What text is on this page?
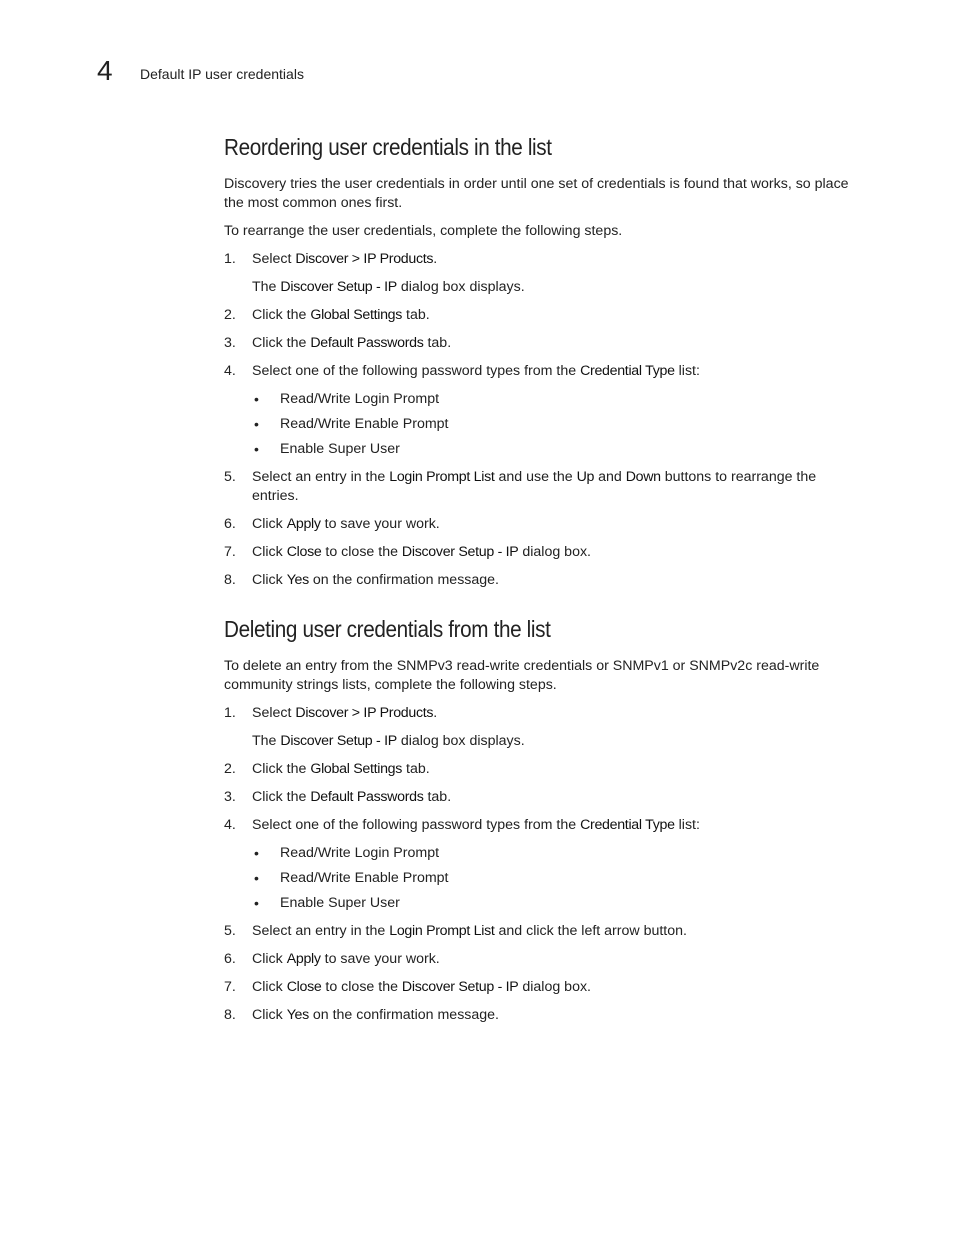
4 Default IP user credentials
Reordering user credentials in the list

Discovery tries the user credentials in order until one set of credentials is found that works, so place the most common ones first.

To rearrange the user credentials, complete the following steps.

1. Select Discover > IP Products.
The Discover Setup - IP dialog box displays.
2. Click the Global Settings tab.
3. Click the Default Passwords tab.
4. Select one of the following password types from the Credential Type list:
• Read/Write Login Prompt
• Read/Write Enable Prompt
• Enable Super User
5. Select an entry in the Login Prompt List and use the Up and Down buttons to rearrange the entries.
6. Click Apply to save your work.
7. Click Close to close the Discover Setup - IP dialog box.
8. Click Yes on the confirmation message.
Deleting user credentials from the list

To delete an entry from the SNMPv3 read-write credentials or SNMPv1 or SNMPv2c read-write community strings lists, complete the following steps.

1. Select Discover > IP Products.
The Discover Setup - IP dialog box displays.
2. Click the Global Settings tab.
3. Click the Default Passwords tab.
4. Select one of the following password types from the Credential Type list:
• Read/Write Login Prompt
• Read/Write Enable Prompt
• Enable Super User
5. Select an entry in the Login Prompt List and click the left arrow button.
6. Click Apply to save your work.
7. Click Close to close the Discover Setup - IP dialog box.
8. Click Yes on the confirmation message.
